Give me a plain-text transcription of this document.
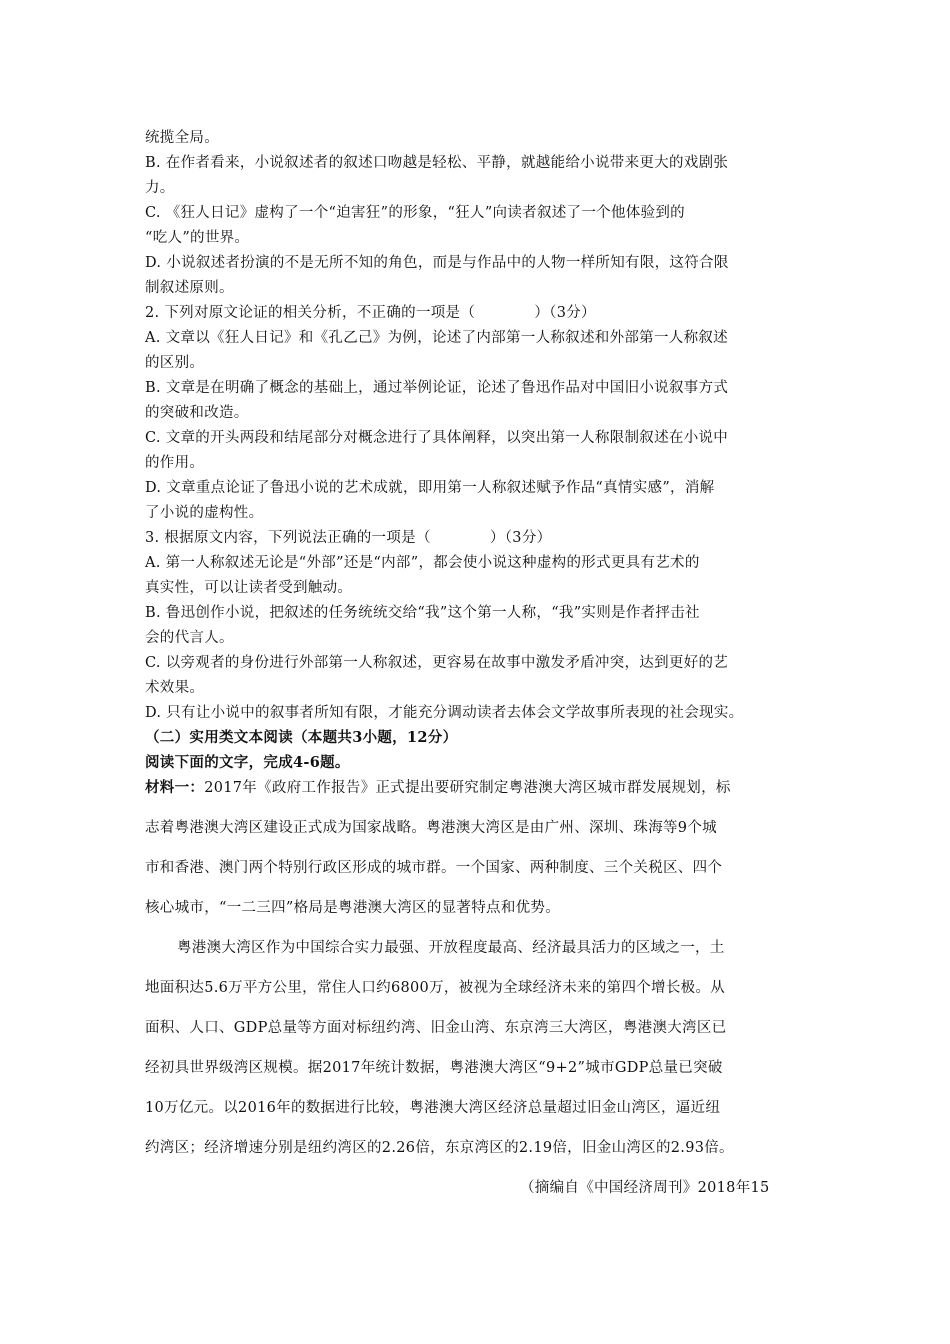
统揽全局。
B. 在作者看来，小说叙述者的叙述口吻越是轻松、平静，就越能给小说带来更大的戏剧张
力。
C. 《狂人日记》虚构了一个“迫害狂”的形象，“狂人”向读者叙述了一个他体验到的
“吃人”的世界。
D. 小说叙述者扮演的不是无所不知的角色，而是与作品中的人物一样所知有限，这符合限
制叙述原则。
2. 下列对原文论证的相关分析，不正确的一项是（　　　　）（3分）
A. 文章以《狂人日记》和《孔乙己》为例，论述了内部第一人称叙述和外部第一人称叙述
的区别。
B. 文章是在明确了概念的基础上，通过举例论证，论述了鲁迅作品对中国旧小说叙事方式
的突破和改造。
C. 文章的开头两段和结尾部分对概念进行了具体阐释，以突出第一人称限制叙述在小说中
的作用。
D. 文章重点论证了鲁迅小说的艺术成就，即用第一人称叙述赋予作品“真情实感”，消解
了小说的虚构性。
3. 根据原文内容，下列说法正确的一项是（　　　　）（3分）
A. 第一人称叙述无论是“外部”还是“内部”，都会使小说这种虚构的形式更具有艺术的
真实性，可以让读者受到触动。
B. 鲁迅创作小说，把叙述的任务统统交给“我”这个第一人称，“我”实则是作者抨击社
会的代言人。
C. 以旁观者的身份进行外部第一人称叙述，更容易在故事中激发矛盾冲突，达到更好的艺
术效果。
D. 只有让小说中的叙事者所知有限，才能充分调动读者去体会文学故事所表现的社会现实。
（二）实用类文本阅读（本题共3小题，12分）
阅读下面的文字，完成4-6题。
材料一：2017年《政府工作报告》正式提出要研究制定粤港澳大湾区城市群发展规划，标
志着粤港澳大湾区建设正式成为国家战略。粤港澳大湾区是由广州、深圳、珠海等9个城
市和香港、澳门两个特别行政区形成的城市群。一个国家、两种制度、三个关税区、四个
核心城市，“一二三四”格局是粤港澳大湾区的显著特点和优势。
粤港澳大湾区作为中国综合实力最强、开放程度最高、经济最具活力的区域之一，土
地面积达5.6万平方公里，常住人口约6800万，被视为全球经济未来的第四个增长极。从
面积、人口、GDP总量等方面对标纽约湾、旧金山湾、东京湾三大湾区，粤港澳大湾区已
经初具世界级湾区规模。据2017年统计数据，粤港澳大湾区“9+2”城市GDP总量已突破
10万亿元。以2016年的数据进行比较，粤港澳大湾区经济总量超过旧金山湾区，逼近纽
约湾区；经济增速分别是纽约湾区的2.26倍，东京湾区的2.19倍，旧金山湾区的2.93倍。
（摘编自《中国经济周刊》2018年15
